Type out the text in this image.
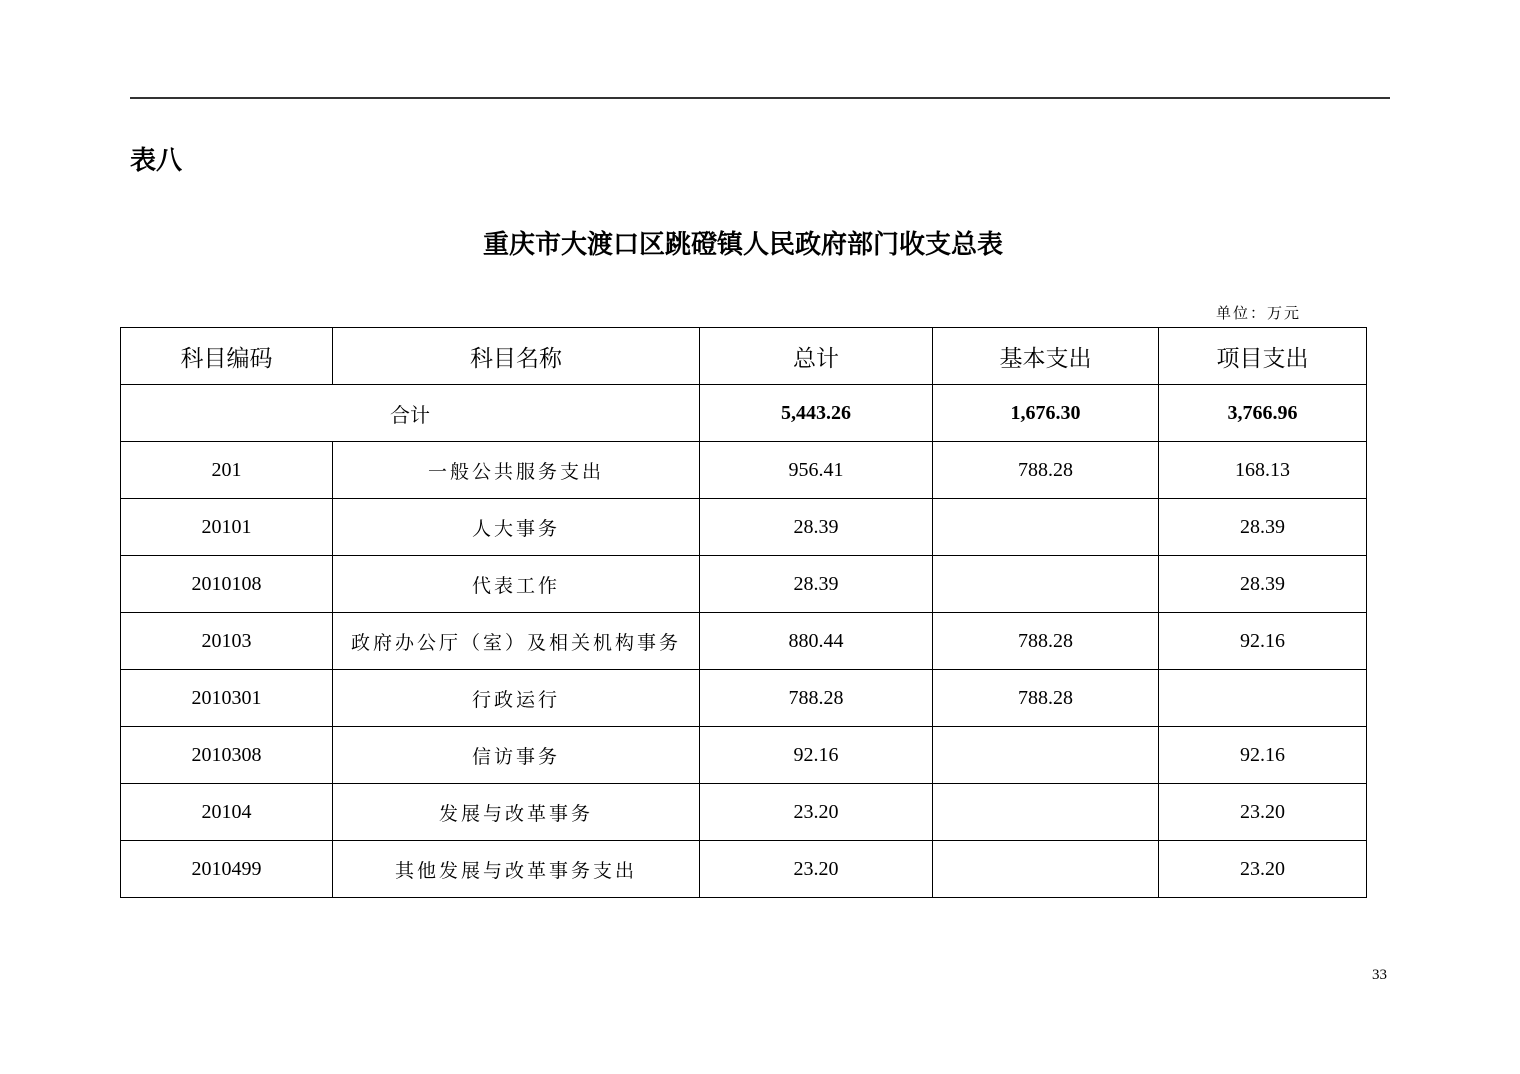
表八
重庆市大渡口区跳磴镇人民政府部门收支总表
单位：万元
科目编码	科目名称	总计	基本支出	项目支出
合计		5,443.26	1,676.30	3,766.96
201	一般公共服务支出	956.41	788.28	168.13
20101	人大事务	28.39		28.39
2010108	代表工作	28.39		28.39
20103	政府办公厅（室）及相关机构事务	880.44	788.28	92.16
2010301	行政运行	788.28	788.28	
2010308	信访事务	92.16		92.16
20104	发展与改革事务	23.20		23.20
2010499	其他发展与改革事务支出	23.20		23.20
33
